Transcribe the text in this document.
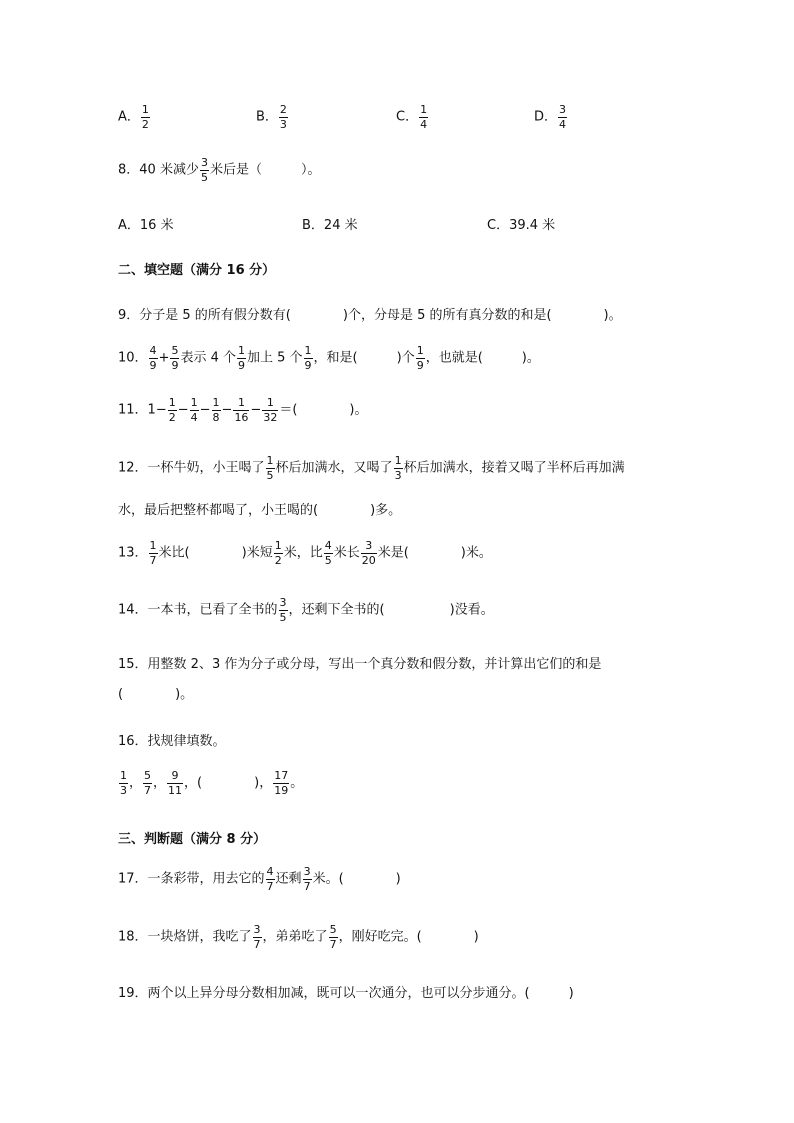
A． $\frac{1}{2}$	B． $\frac{2}{3}$	C． $\frac{1}{4}$	D． $\frac{3}{4}$
8．40 米减少 $\frac{3}{5}$ 米后是（　　　）。
A．16 米	B．24 米	C．39.4 米
二、填空题（满分 16 分）
9．分子是 5 的所有假分数有(　　　　)个，分母是 5 的所有真分数的和是(　　　　)。
10． $\frac{4}{9} + \frac{5}{9}$ 表示 4 个 $\frac{1}{9}$ 加上 5 个 $\frac{1}{9}$ ，和是(　　　)个 $\frac{1}{9}$ ，也就是(　　　)。
11．$1- \frac{1}{2} - \frac{1}{4} - \frac{1}{8} - \frac{1}{16} - \frac{1}{32}$ ＝(　　　　)。
12．一杯牛奶，小王喝了 $\frac{1}{5}$ 杯后加满水，又喝了 $\frac{1}{3}$ 杯后加满水，接着又喝了半杯后再加满
水，最后把整杯都喝了，小王喝的(　　　　)多。
13． $\frac{1}{7}$ 米比(　　　　)米短 $\frac{1}{2}$ 米，比 $\frac{4}{5}$ 米长 $\frac{3}{20}$ 米是(　　　　)米。
14．一本书，已看了全书的 $\frac{3}{5}$ ，还剩下全书的(　　　　　)没看。
15．用整数 2、3 作为分子或分母，写出一个真分数和假分数，并计算出它们的和是
(　　　　)。
16．找规律填数。
$\frac{1}{3}$ ， $\frac{5}{7}$ ， $\frac{9}{11}$ ，(　　　　)， $\frac{17}{19}$ 。
三、判断题（满分 8 分）
17．一条彩带，用去它的 $\frac{4}{7}$ 还剩 $\frac{3}{7}$ 米。(　　　　)
18．一块烙饼，我吃了 $\frac{3}{7}$ ，弟弟吃了 $\frac{5}{7}$ ，刚好吃完。(　　　　)
19．两个以上异分母分数相加减，既可以一次通分，也可以分步通分。(　　　)
